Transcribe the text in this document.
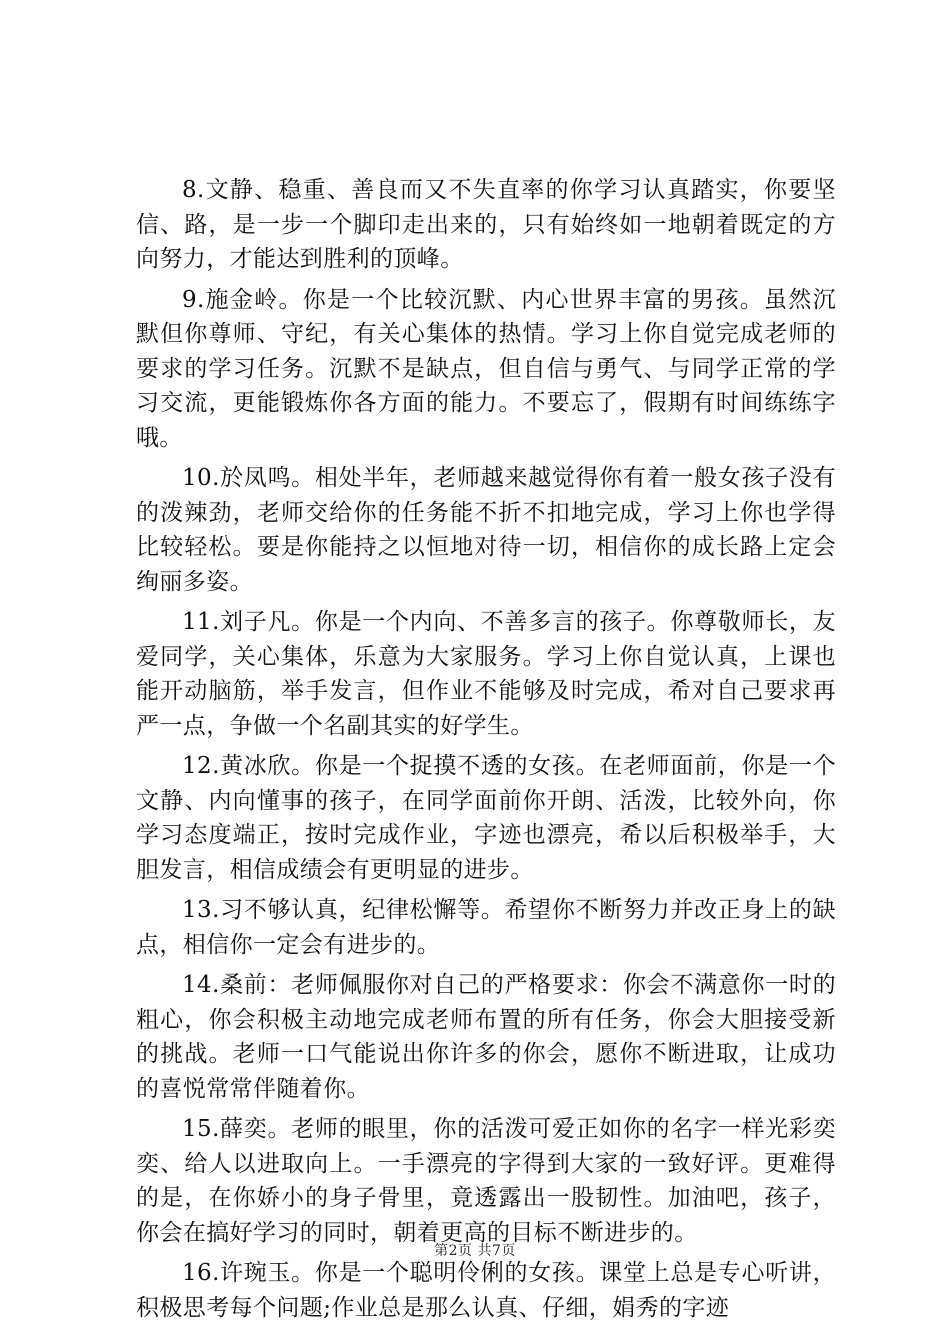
8.文静、稳重、善良而又不失直率的你学习认真踏实，你要坚信、路，是一步一个脚印走出来的，只有始终如一地朝着既定的方向努力，才能达到胜利的顶峰。

9.施金岭。你是一个比较沉默、内心世界丰富的男孩。虽然沉默但你尊师、守纪，有关心集体的热情。学习上你自觉完成老师的要求的学习任务。沉默不是缺点，但自信与勇气、与同学正常的学习交流，更能锻炼你各方面的能力。不要忘了，假期有时间练练字哦。

10.於凤鸣。相处半年，老师越来越觉得你有着一般女孩子没有的泼辣劲，老师交给你的任务能不折不扣地完成，学习上你也学得比较轻松。要是你能持之以恒地对待一切，相信你的成长路上定会绚丽多姿。

11.刘子凡。你是一个内向、不善多言的孩子。你尊敬师长，友爱同学，关心集体，乐意为大家服务。学习上你自觉认真，上课也能开动脑筋，举手发言，但作业不能够及时完成，希对自己要求再严一点，争做一个名副其实的好学生。

12.黄冰欣。你是一个捉摸不透的女孩。在老师面前，你是一个文静、内向懂事的孩子，在同学面前你开朗、活泼，比较外向，你学习态度端正，按时完成作业，字迹也漂亮，希以后积极举手，大胆发言，相信成绩会有更明显的进步。

13.习不够认真，纪律松懈等。希望你不断努力并改正身上的缺点，相信你一定会有进步的。

14.桑前：老师佩服你对自己的严格要求：你会不满意你一时的粗心，你会积极主动地完成老师布置的所有任务，你会大胆接受新的挑战。老师一口气能说出你许多的你会，愿你不断进取，让成功的喜悦常常伴随着你。

15.薛奕。老师的眼里，你的活泼可爱正如你的名字一样光彩奕奕、给人以进取向上。一手漂亮的字得到大家的一致好评。更难得的是，在你娇小的身子骨里，竟透露出一股韧性。加油吧，孩子，你会在搞好学习的同时，朝着更高的目标不断进步的。

16.许琬玉。你是一个聪明伶俐的女孩。课堂上总是专心听讲，积极思考每个问题;作业总是那么认真、仔细，娟秀的字迹

第2页 共7页
